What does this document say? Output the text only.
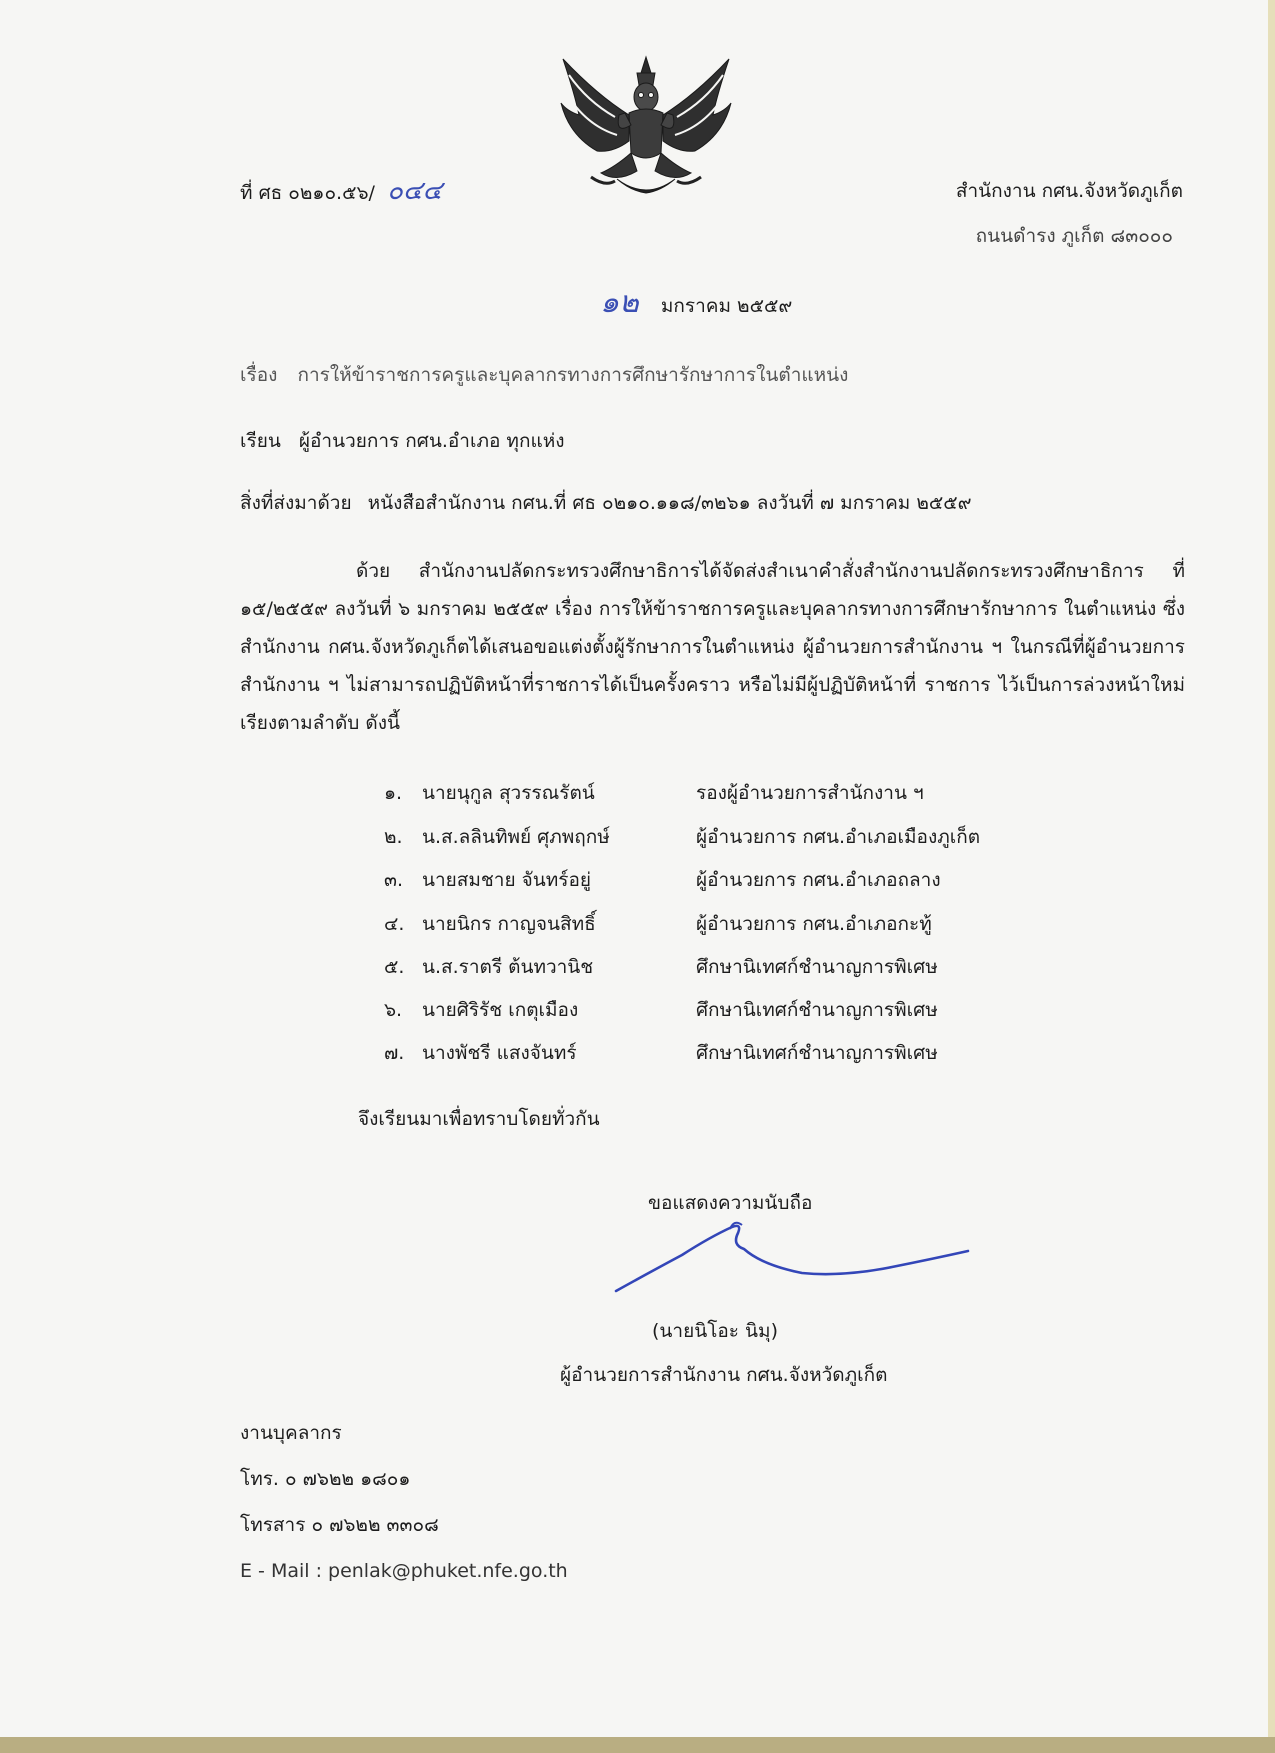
ที่ ศธ ๐๒๑๐.๕๖/ ๐๔๔	สำนักงาน กศน.จังหวัดภูเก็ต
ถนนดำรง ภูเก็ต ๘๓๐๐๐
๑๒ มกราคม ๒๕๕๙
เรื่อง การให้ข้าราชการครูและบุคลากรทางการศึกษารักษาการในตำแหน่ง
เรียน ผู้อำนวยการ กศน.อำเภอ ทุกแห่ง
สิ่งที่ส่งมาด้วย หนังสือสำนักงาน กศน.ที่ ศธ ๐๒๑๐.๑๑๘/๓๒๖๑ ลงวันที่ ๗ มกราคม ๒๕๕๙
ด้วย สำนักงานปลัดกระทรวงศึกษาธิการได้จัดส่งสำเนาคำสั่งสำนักงานปลัดกระทรวงศึกษาธิการ ที่ ๑๕/๒๕๕๙ ลงวันที่ ๖ มกราคม ๒๕๕๙ เรื่อง การให้ข้าราชการครูและบุคลากรทางการศึกษารักษาการ ในตำแหน่ง ซึ่งสำนักงาน กศน.จังหวัดภูเก็ตได้เสนอขอแต่งตั้งผู้รักษาการในตำแหน่ง ผู้อำนวยการสำนักงาน ฯ ในกรณีที่ผู้อำนวยการสำนักงาน ฯ ไม่สามารถปฏิบัติหน้าที่ราชการได้เป็นครั้งคราว หรือไม่มีผู้ปฏิบัติหน้าที่ ราชการ ไว้เป็นการล่วงหน้าใหม่ เรียงตามลำดับ ดังนี้
๑. นายนุกูล สุวรรณรัตน์	รองผู้อำนวยการสำนักงาน ฯ
๒. น.ส.ลลินทิพย์ ศุภพฤกษ์	ผู้อำนวยการ กศน.อำเภอเมืองภูเก็ต
๓. นายสมชาย จันทร์อยู่	ผู้อำนวยการ กศน.อำเภอถลาง
๔. นายนิกร กาญจนสิทธิ์	ผู้อำนวยการ กศน.อำเภอกะทู้
๕. น.ส.ราตรี ต้นทวานิช	ศึกษานิเทศก์ชำนาญการพิเศษ
๖. นายศิริรัช เกตุเมือง	ศึกษานิเทศก์ชำนาญการพิเศษ
๗. นางพัชรี แสงจันทร์	ศึกษานิเทศก์ชำนาญการพิเศษ
จึงเรียนมาเพื่อทราบโดยทั่วกัน
ขอแสดงความนับถือ
(นายนิโอะ นิมุ)
ผู้อำนวยการสำนักงาน กศน.จังหวัดภูเก็ต
งานบุคลากร
โทร. ๐ ๗๖๒๒ ๑๘๐๑
โทรสาร ๐ ๗๖๒๒ ๓๓๐๘
E - Mail : penlak@phuket.nfe.go.th
